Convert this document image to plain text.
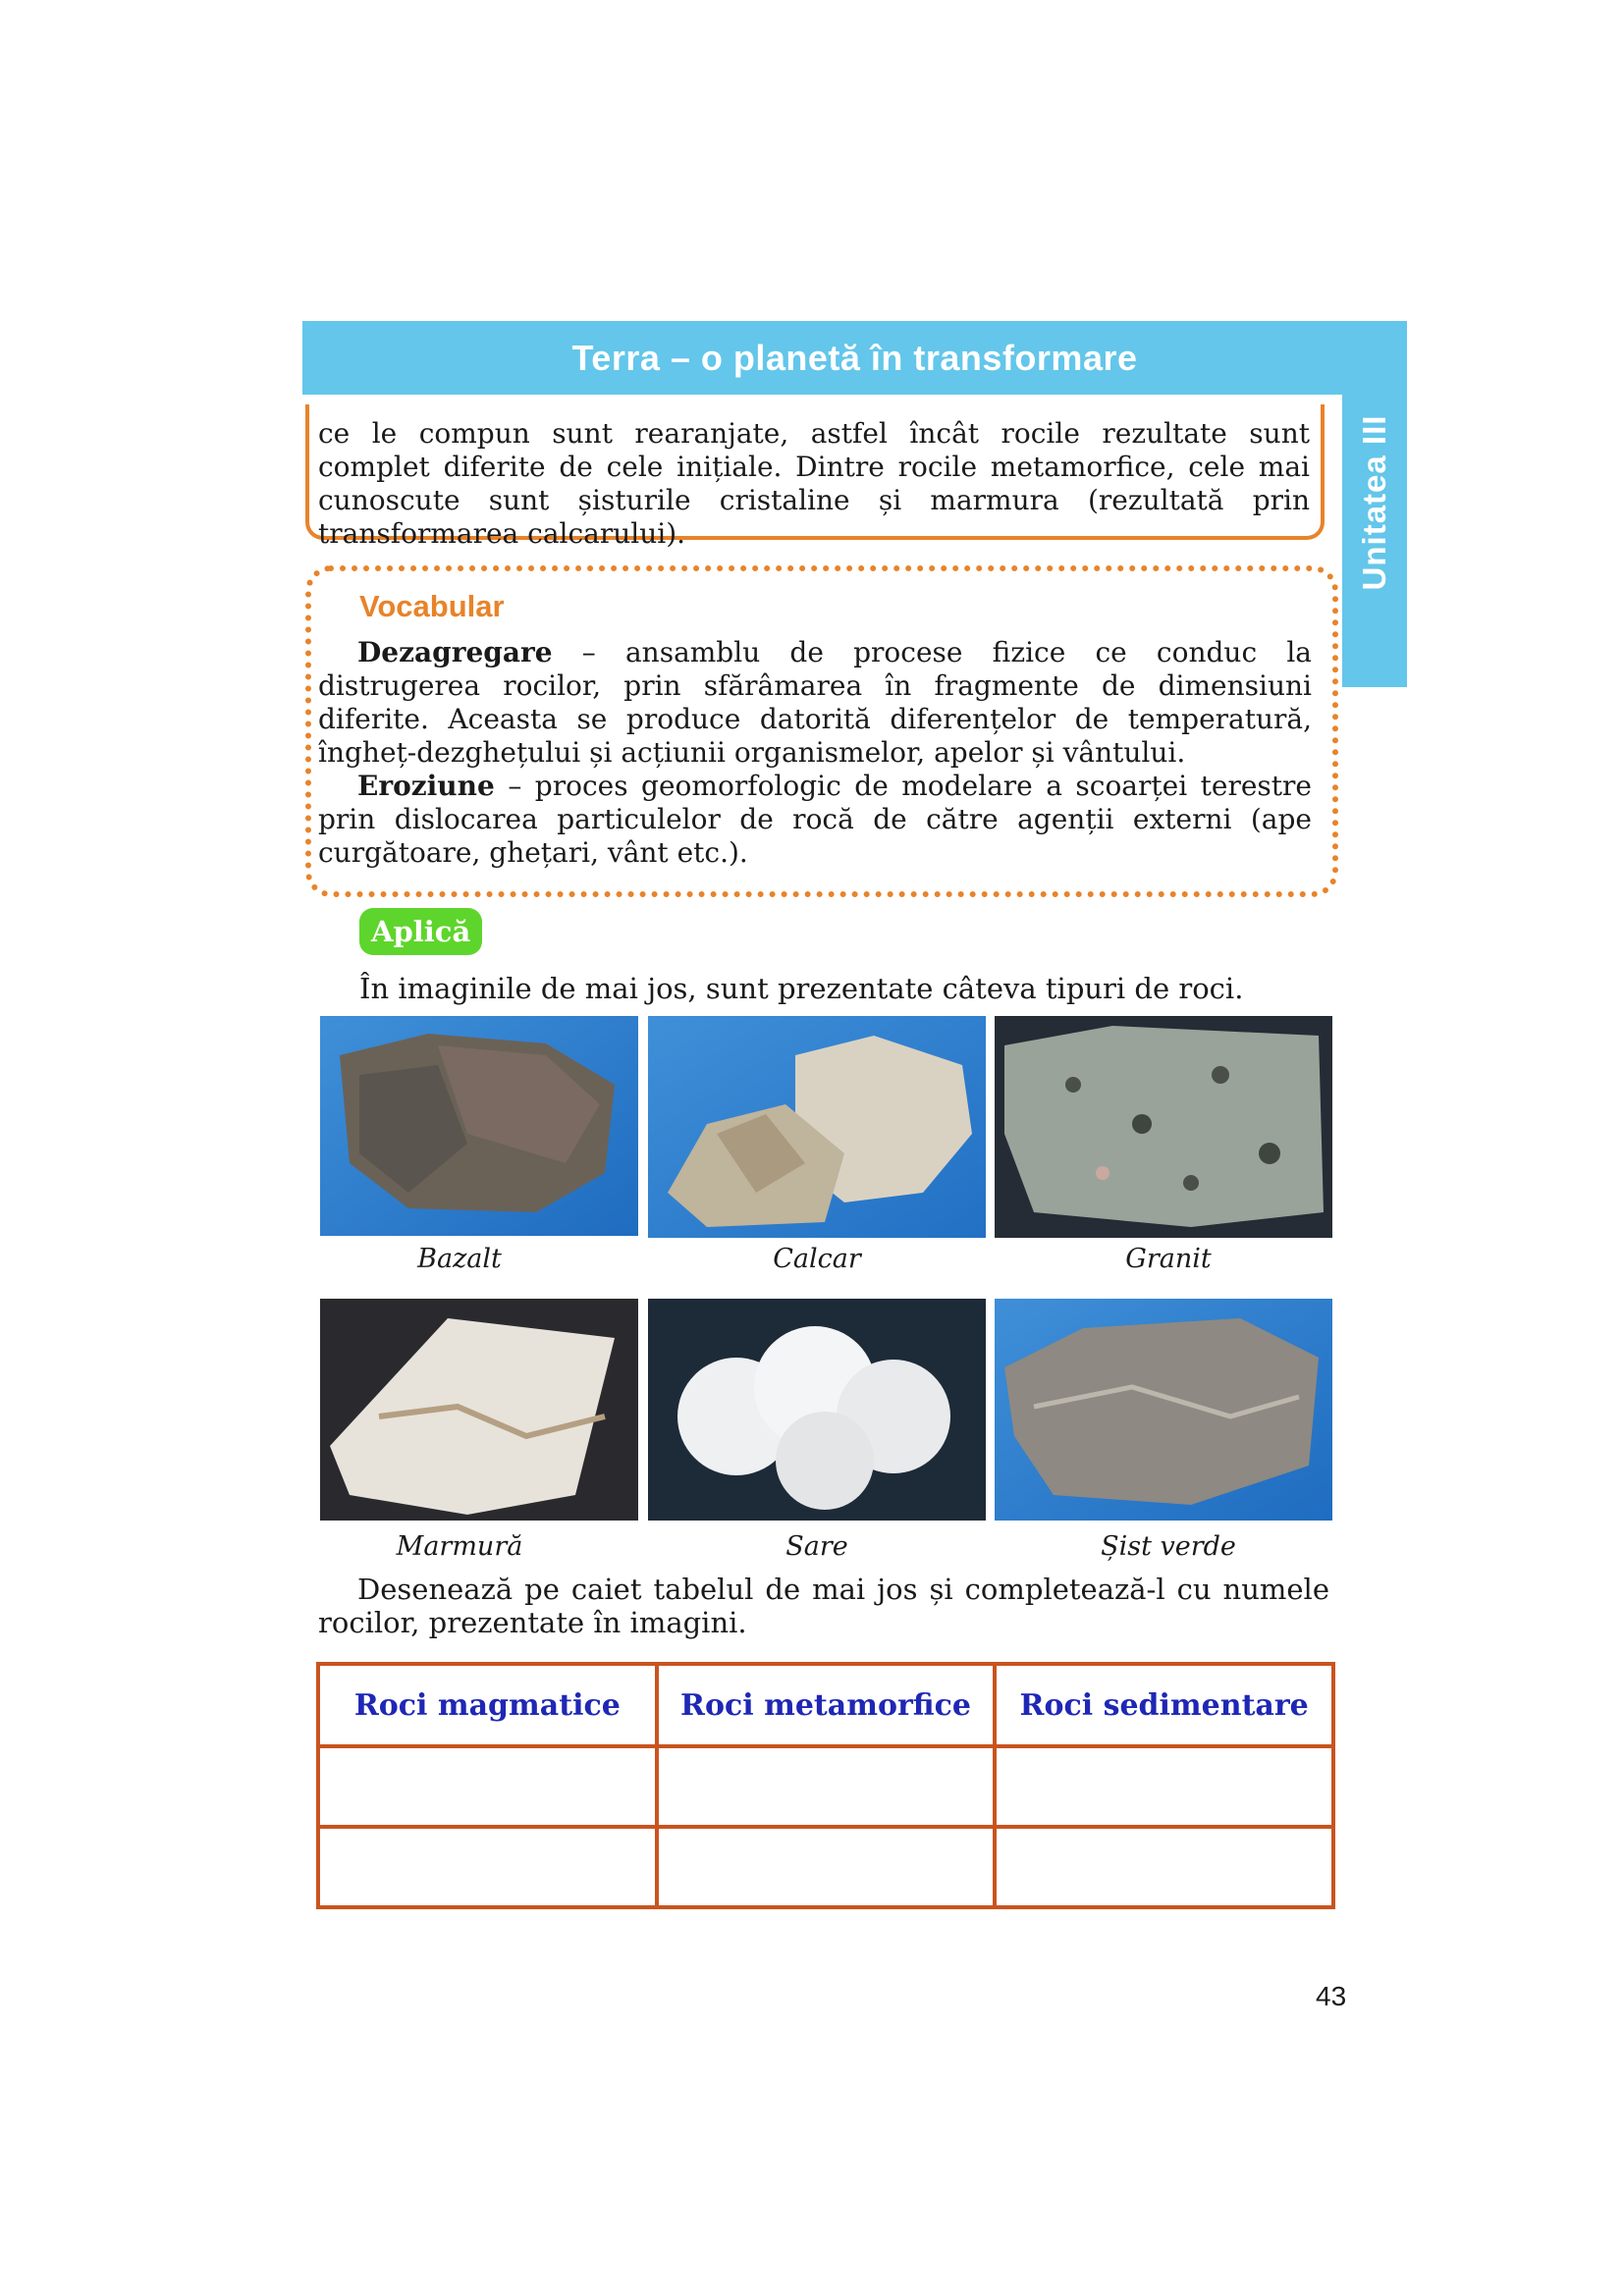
Terra – o planetă în transformare
Unitatea III

ce le compun sunt rearanjate, astfel încât rocile rezultate sunt complet diferite de cele inițiale. Dintre rocile metamorfice, cele mai cunoscute sunt șisturile cristaline și marmura (rezultată prin transformarea calcarului).

Vocabular

Dezagregare – ansamblu de procese fizice ce conduc la distrugerea rocilor, prin sfărâmarea în fragmente de dimensiuni diferite. Aceasta se produce datorită diferențelor de temperatură, îngheț-dezghețului și acțiunii organismelor, apelor și vântului.

Eroziune – proces geomorfologic de modelare a scoarței terestre prin dislocarea particulelor de rocă de către agenții externi (ape curgătoare, ghețari, vânt etc.).

Aplică

În imaginile de mai jos, sunt prezentate câteva tipuri de roci.

Bazalt	Calcar	Granit

Marmură	Sare	Șist verde

Desenează pe caiet tabelul de mai jos și completează-l cu numele rocilor, prezentate în imagini.

Roci magmatice	Roci metamorfice	Roci sedimentare

43
